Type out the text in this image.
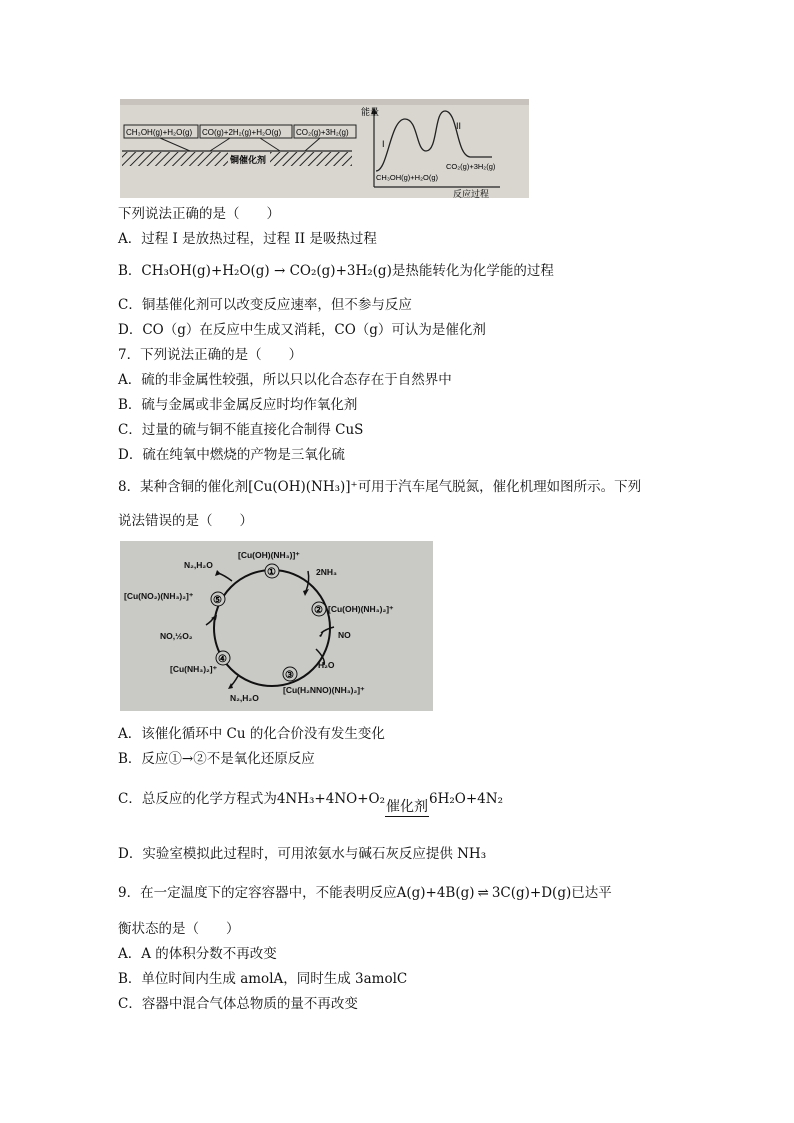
CH₃OH(g)+H₂O(g) CO(g)+2H₂(g)+H₂O(g) CO₂(g)+3H₂(g)
铜催化剂
能量
反应过程
I
II
CO₂(g)+3H₂(g)
CH₃OH(g)+H₂O(g)
下列说法正确的是（　　）
A．过程 I 是放热过程，过程 II 是吸热过程
B．CH₃OH(g)+H₂O(g) → CO₂(g)+3H₂(g)是热能转化为化学能的过程
C．铜基催化剂可以改变反应速率，但不参与反应
D．CO（g）在反应中生成又消耗，CO（g）可认为是催化剂
7．下列说法正确的是（　　）
A．硫的非金属性较强，所以只以化合态存在于自然界中
B．硫与金属或非金属反应时均作氧化剂
C．过量的硫与铜不能直接化合制得 CuS
D．硫在纯氧中燃烧的产物是三氧化硫
8．某种含铜的催化剂[Cu(OH)(NH₃)]⁺可用于汽车尾气脱氮，催化机理如图所示。下列
说法错误的是（　　）
①
②
③
④
⑤
[Cu(OH)(NH₃)]⁺
[Cu(OH)(NH₃)₂]⁺
[Cu(H₂NNO)(NH₃)₂]⁺
[Cu(NH₃)₂]⁺
[Cu(NO₂)(NH₃)₂]⁺
2NH₃
NO
H₂O
N₂,H₂O
NO,½O₂
N₂,H₂O
A．该催化循环中 Cu 的化合价没有发生变化
B．反应①→②不是氧化还原反应
C．总反应的化学方程式为4NH₃+4NO+O₂ 催化剂 6H₂O+4N₂
D．实验室模拟此过程时，可用浓氨水与碱石灰反应提供 NH₃
9．在一定温度下的定容容器中，不能表明反应A(g)+4B(g) ⇌ 3C(g)+D(g)已达平
衡状态的是（　　）
A．A 的体积分数不再改变
B．单位时间内生成 amolA，同时生成 3amolC
C．容器中混合气体总物质的量不再改变
